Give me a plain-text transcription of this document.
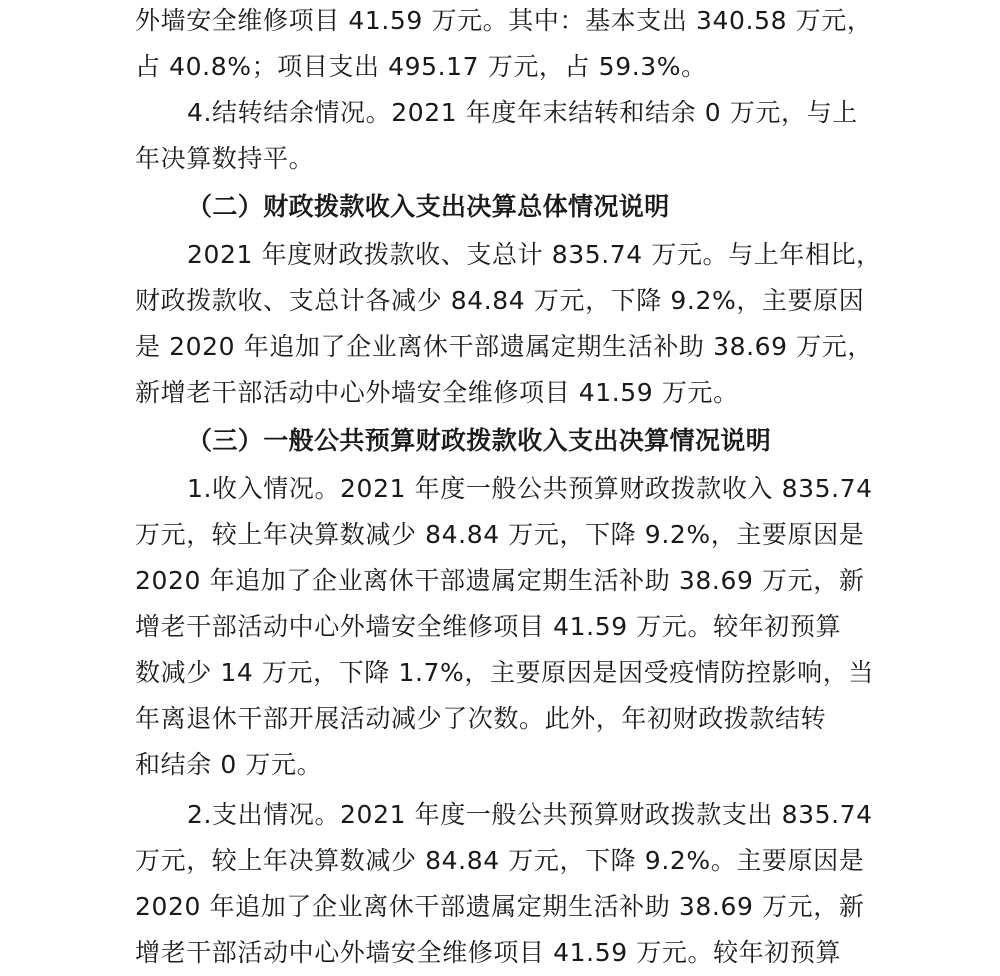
外墙安全维修项目 41.59 万元。其中：基本支出 340.58 万元，
占 40.8%；项目支出 495.17 万元，占 59.3%。
4.结转结余情况。2021 年度年末结转和结余 0 万元，与上
年决算数持平。
（二）财政拨款收入支出决算总体情况说明
2021 年度财政拨款收、支总计 835.74 万元。与上年相比，
财政拨款收、支总计各减少 84.84 万元，下降 9.2%，主要原因
是 2020 年追加了企业离休干部遗属定期生活补助 38.69 万元，
新增老干部活动中心外墙安全维修项目 41.59 万元。
（三）一般公共预算财政拨款收入支出决算情况说明
1.收入情况。2021 年度一般公共预算财政拨款收入 835.74
万元，较上年决算数减少 84.84 万元，下降 9.2%，主要原因是
2020 年追加了企业离休干部遗属定期生活补助 38.69 万元，新
增老干部活动中心外墙安全维修项目 41.59 万元。较年初预算
数减少 14 万元，下降 1.7%，主要原因是因受疫情防控影响，当
年离退休干部开展活动减少了次数。此外，年初财政拨款结转
和结余 0 万元。
2.支出情况。2021 年度一般公共预算财政拨款支出 835.74
万元，较上年决算数减少 84.84 万元，下降 9.2%。主要原因是
2020 年追加了企业离休干部遗属定期生活补助 38.69 万元，新
增老干部活动中心外墙安全维修项目 41.59 万元。较年初预算
